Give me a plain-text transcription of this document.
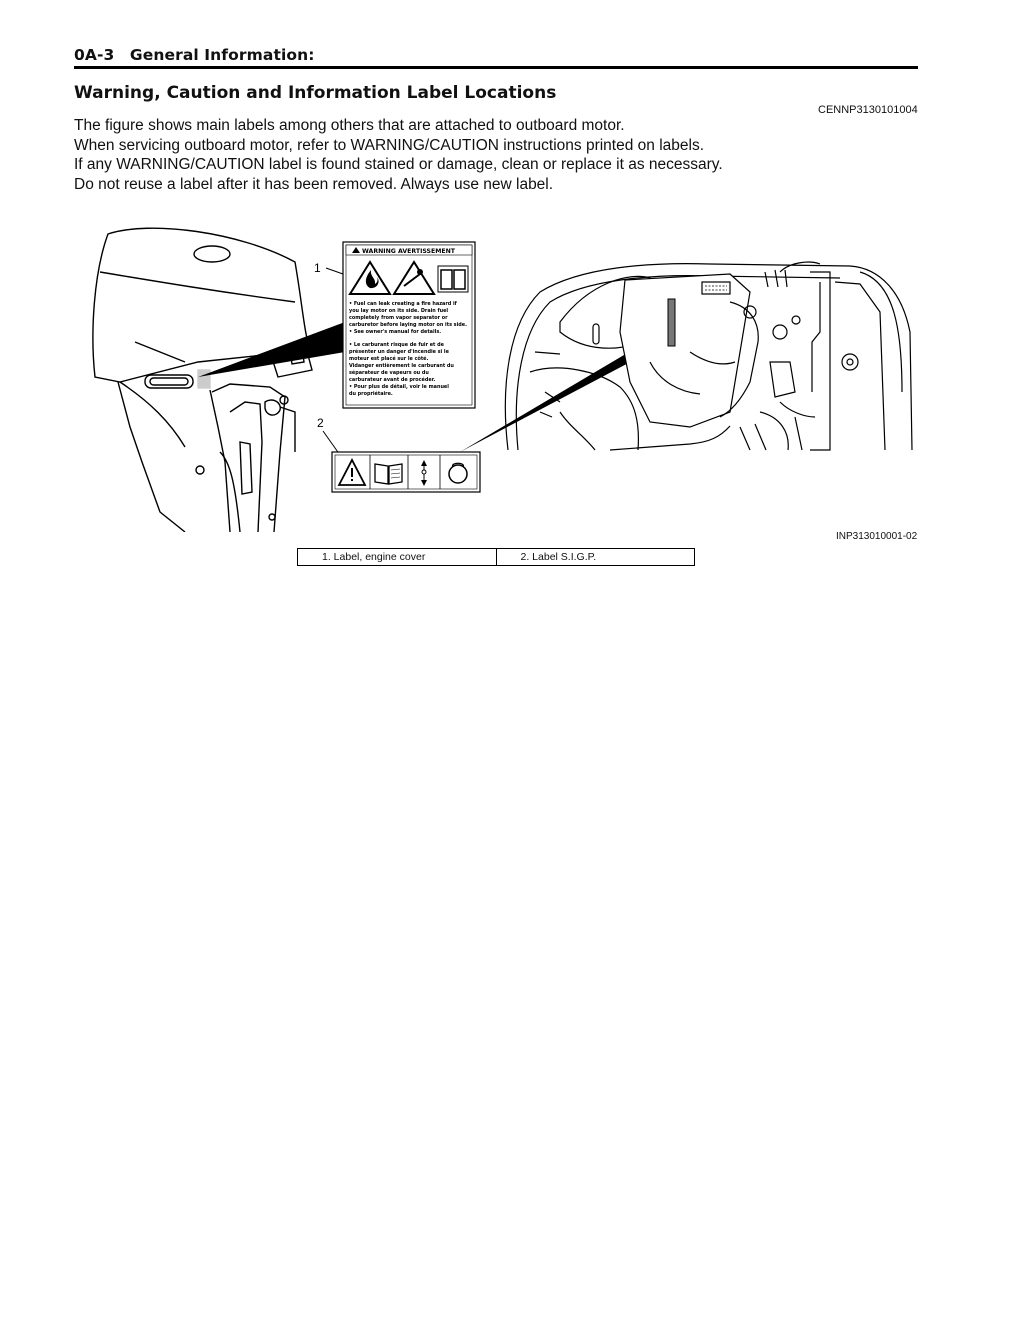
0A-3 General Information:
Warning, Caution and Information Label Locations
CENNP3130101004

The figure shows main labels among others that are attached to outboard motor.

When servicing outboard motor, refer to WARNING/CAUTION instructions printed on labels.

If any WARNING/CAUTION label is found stained or damage, clean or replace it as necessary.

Do not reuse a label after it has been removed. Always use new label.

1
WARNING AVERTISSEMENT
• Fuel can leak creating a fire hazard if
you lay motor on its side. Drain fuel
completely from vapor separator or
carburetor before laying motor on its side.
• See owner's manual for details.
• Le carburant risque de fuir et de
présenter un danger d'incendie si le
moteur est placé sur le côté.
Vidanger entièrement le carburant du
séparateur de vapeurs ou du
carburateur avant de procéder.
• Pour plus de détail, voir le manuel
du propriétaire.
2
INP313010001-02
1. Label, engine cover	2. Label S.I.G.P.
